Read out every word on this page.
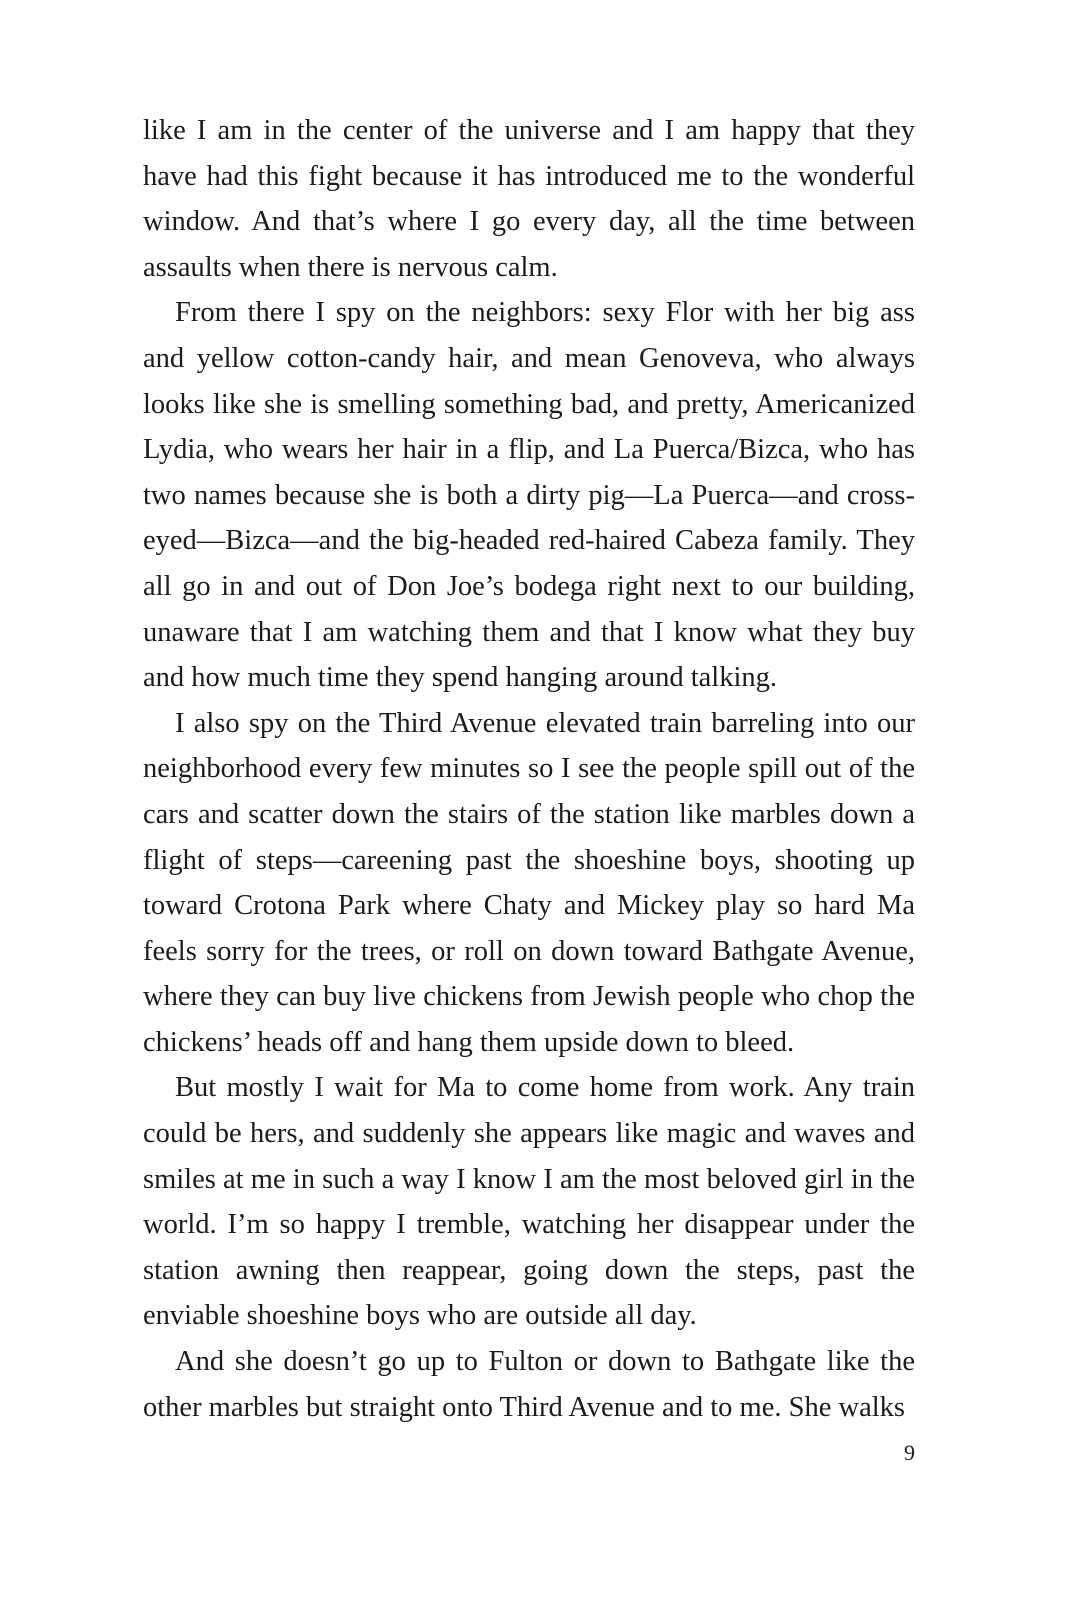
like I am in the center of the universe and I am happy that they have had this fight because it has introduced me to the wonderful window. And that’s where I go every day, all the time between assaults when there is nervous calm.

From there I spy on the neighbors: sexy Flor with her big ass and yellow cotton-candy hair, and mean Genoveva, who always looks like she is smelling something bad, and pretty, Americanized Lydia, who wears her hair in a flip, and La Puerca/Bizca, who has two names because she is both a dirty pig—La Puerca—and cross-eyed—Bizca—and the big-headed red-haired Cabeza family. They all go in and out of Don Joe’s bodega right next to our building, unaware that I am watching them and that I know what they buy and how much time they spend hanging around talking.

I also spy on the Third Avenue elevated train barreling into our neighborhood every few minutes so I see the people spill out of the cars and scatter down the stairs of the station like marbles down a flight of steps—careening past the shoeshine boys, shooting up toward Crotona Park where Chaty and Mickey play so hard Ma feels sorry for the trees, or roll on down toward Bathgate Avenue, where they can buy live chickens from Jewish people who chop the chickens’ heads off and hang them upside down to bleed.

But mostly I wait for Ma to come home from work. Any train could be hers, and suddenly she appears like magic and waves and smiles at me in such a way I know I am the most beloved girl in the world. I’m so happy I tremble, watching her disappear under the station awning then reappear, going down the steps, past the enviable shoeshine boys who are outside all day.

And she doesn’t go up to Fulton or down to Bathgate like the other marbles but straight onto Third Avenue and to me. She walks

9
